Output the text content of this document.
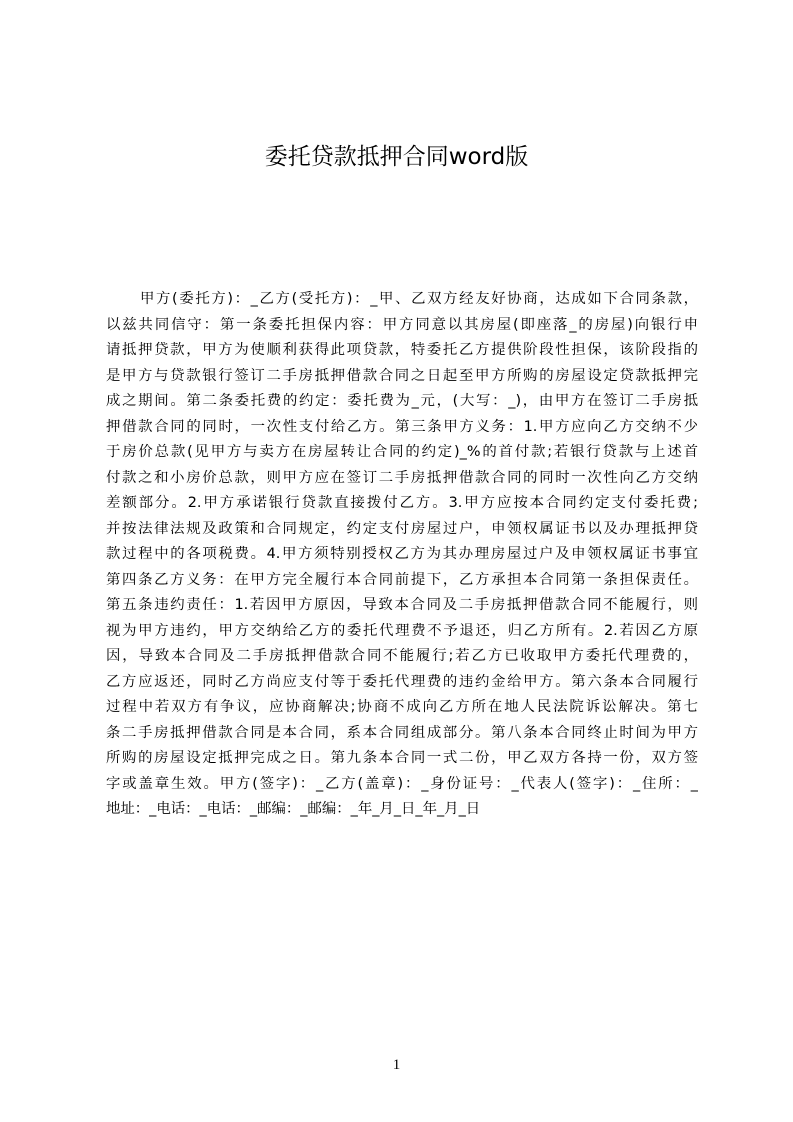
委托贷款抵押合同word版
甲方(委托方)：_乙方(受托方)：_甲、乙双方经友好协商，达成如下合同条款，
以兹共同信守：第一条委托担保内容：甲方同意以其房屋(即座落_的房屋)向银行申
请抵押贷款，甲方为使顺利获得此项贷款，特委托乙方提供阶段性担保，该阶段指的
是甲方与贷款银行签订二手房抵押借款合同之日起至甲方所购的房屋设定贷款抵押完
成之期间。第二条委托费的约定：委托费为_元，(大写：_)，由甲方在签订二手房抵
押借款合同的同时，一次性支付给乙方。第三条甲方义务：1.甲方应向乙方交纳不少
于房价总款(见甲方与卖方在房屋转让合同的约定)_%的首付款;若银行贷款与上述首
付款之和小房价总款，则甲方应在签订二手房抵押借款合同的同时一次性向乙方交纳
差额部分。2.甲方承诺银行贷款直接拨付乙方。3.甲方应按本合同约定支付委托费;
并按法律法规及政策和合同规定，约定支付房屋过户，申领权属证书以及办理抵押贷
款过程中的各项税费。4.甲方须特别授权乙方为其办理房屋过户及申领权属证书事宜
第四条乙方义务：在甲方完全履行本合同前提下，乙方承担本合同第一条担保责任。
第五条违约责任：1.若因甲方原因，导致本合同及二手房抵押借款合同不能履行，则
视为甲方违约，甲方交纳给乙方的委托代理费不予退还，归乙方所有。2.若因乙方原
因，导致本合同及二手房抵押借款合同不能履行;若乙方已收取甲方委托代理费的，
乙方应返还，同时乙方尚应支付等于委托代理费的违约金给甲方。第六条本合同履行
过程中若双方有争议，应协商解决;协商不成向乙方所在地人民法院诉讼解决。第七
条二手房抵押借款合同是本合同，系本合同组成部分。第八条本合同终止时间为甲方
所购的房屋设定抵押完成之日。第九条本合同一式二份，甲乙双方各持一份，双方签
字或盖章生效。甲方(签字)：_乙方(盖章)：_身份证号：_代表人(签字)：_住所：_
地址：_电话：_电话：_邮编：_邮编：_年_月_日_年_月_日
1
